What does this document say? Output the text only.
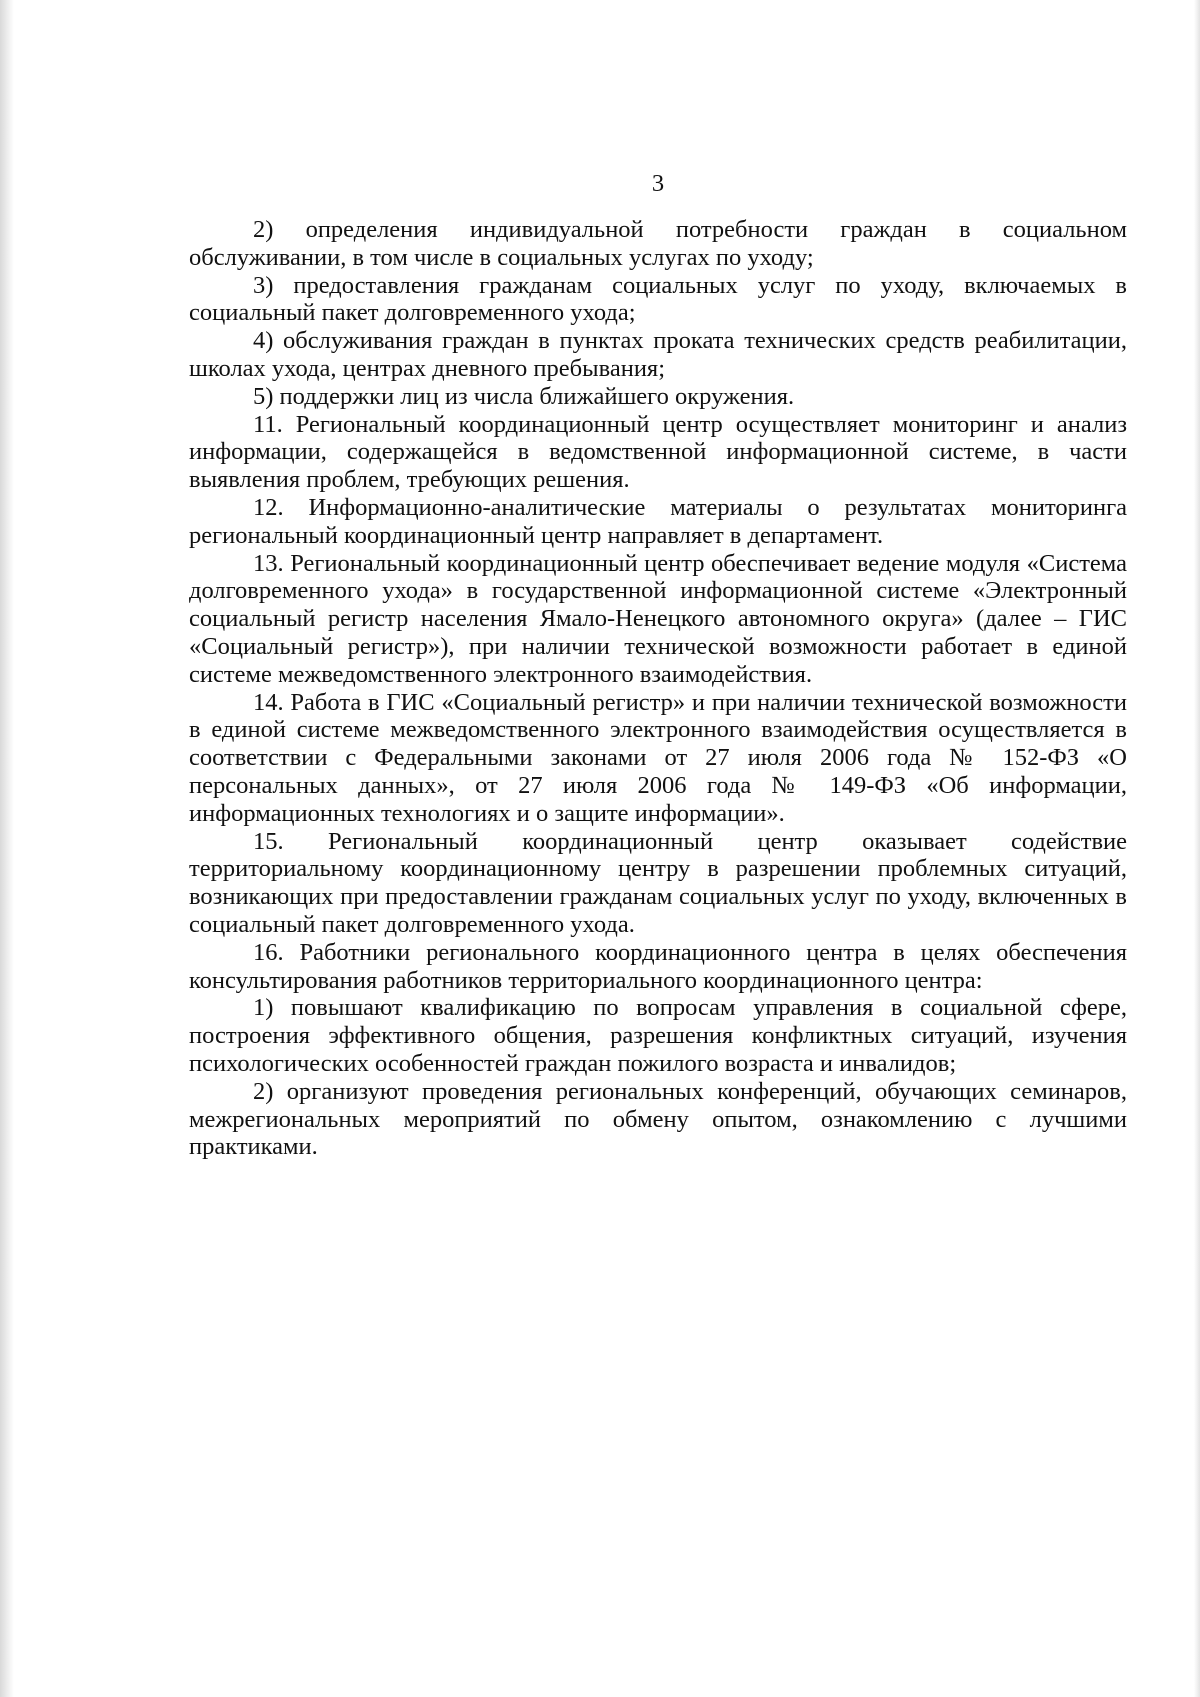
3

2) определения индивидуальной потребности граждан в социальном обслуживании, в том числе в социальных услугах по уходу;

3) предоставления гражданам социальных услуг по уходу, включаемых в социальный пакет долговременного ухода;

4) обслуживания граждан в пунктах проката технических средств реабилитации, школах ухода, центрах дневного пребывания;

5) поддержки лиц из числа ближайшего окружения.

11. Региональный координационный центр осуществляет мониторинг и анализ информации, содержащейся в ведомственной информационной системе, в части выявления проблем, требующих решения.

12. Информационно-аналитические материалы о результатах мониторинга региональный координационный центр направляет в департамент.

13. Региональный координационный центр обеспечивает ведение модуля «Система долговременного ухода» в государственной информационной системе «Электронный социальный регистр населения Ямало-Ненецкого автономного округа» (далее – ГИС «Социальный регистр»), при наличии технической возможности работает в единой системе межведомственного электронного взаимодействия.

14. Работа в ГИС «Социальный регистр» и при наличии технической возможности в единой системе межведомственного электронного взаимодействия осуществляется в соответствии с Федеральными законами от 27 июля 2006 года № 152-ФЗ «О персональных данных», от 27 июля 2006 года № 149-ФЗ «Об информации, информационных технологиях и о защите информации».

15. Региональный координационный центр оказывает содействие территориальному координационному центру в разрешении проблемных ситуаций, возникающих при предоставлении гражданам социальных услуг по уходу, включенных в социальный пакет долговременного ухода.

16. Работники регионального координационного центра в целях обеспечения консультирования работников территориального координационного центра:

1) повышают квалификацию по вопросам управления в социальной сфере, построения эффективного общения, разрешения конфликтных ситуаций, изучения психологических особенностей граждан пожилого возраста и инвалидов;

2) организуют проведения региональных конференций, обучающих семинаров, межрегиональных мероприятий по обмену опытом, ознакомлению с лучшими практиками.
